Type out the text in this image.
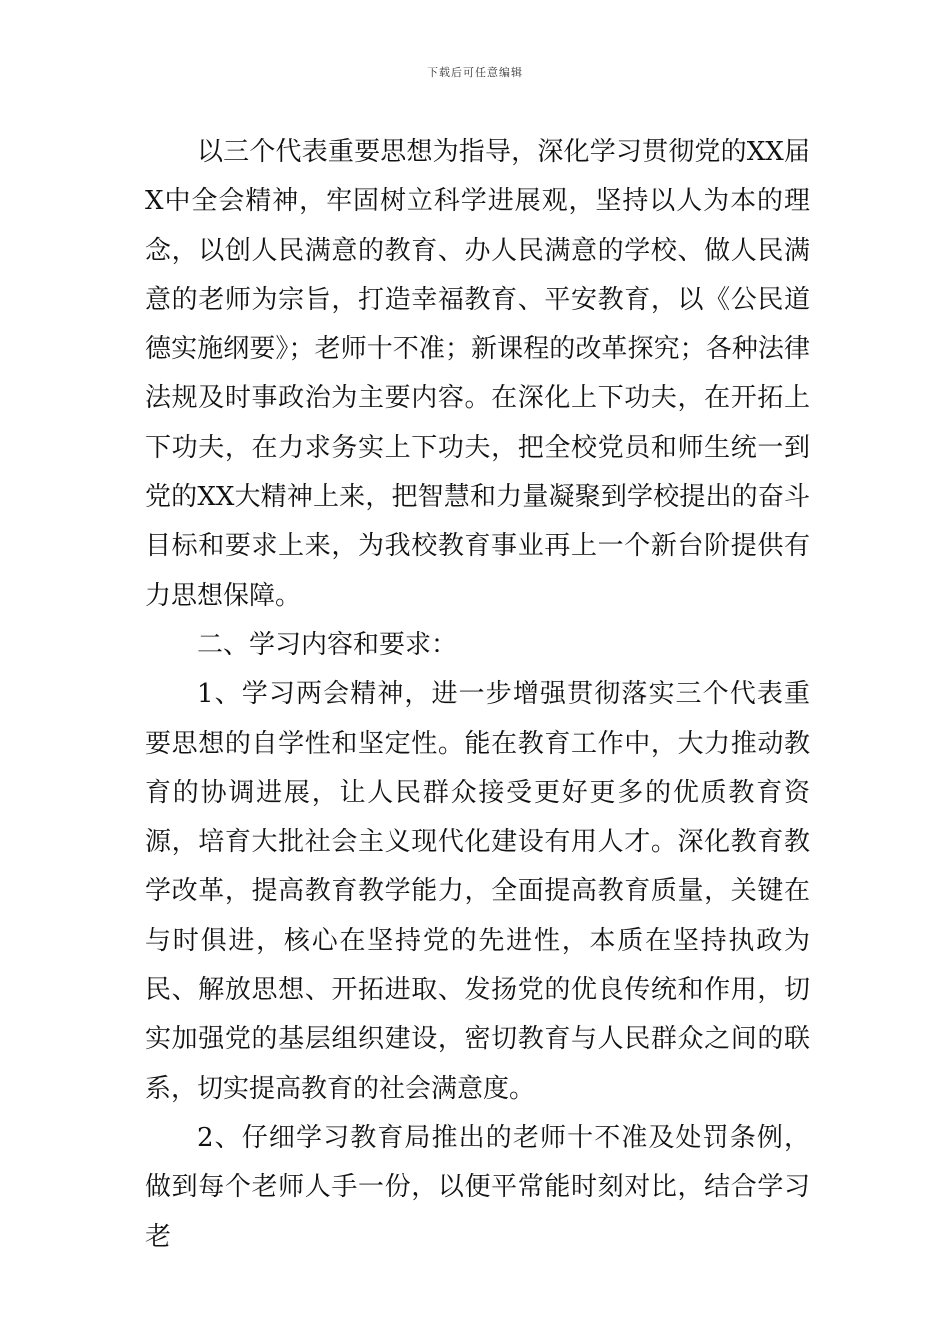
下载后可任意编辑

以三个代表重要思想为指导，深化学习贯彻党的XX届X中全会精神，牢固树立科学进展观，坚持以人为本的理念，以创人民满意的教育、办人民满意的学校、做人民满意的老师为宗旨，打造幸福教育、平安教育，以《公民道德实施纲要》；老师十不准；新课程的改革探究；各种法律法规及时事政治为主要内容。在深化上下功夫，在开拓上下功夫，在力求务实上下功夫，把全校党员和师生统一到党的XX大精神上来，把智慧和力量凝聚到学校提出的奋斗目标和要求上来，为我校教育事业再上一个新台阶提供有力思想保障。

二、学习内容和要求：

1、学习两会精神，进一步增强贯彻落实三个代表重要思想的自学性和坚定性。能在教育工作中，大力推动教育的协调进展，让人民群众接受更好更多的优质教育资源，培育大批社会主义现代化建设有用人才。深化教育教学改革，提高教育教学能力，全面提高教育质量，关键在与时俱进，核心在坚持党的先进性，本质在坚持执政为民、解放思想、开拓进取、发扬党的优良传统和作用，切实加强党的基层组织建设，密切教育与人民群众之间的联系，切实提高教育的社会满意度。

2、仔细学习教育局推出的老师十不准及处罚条例，做到每个老师人手一份，以便平常能时刻对比，结合学习老
